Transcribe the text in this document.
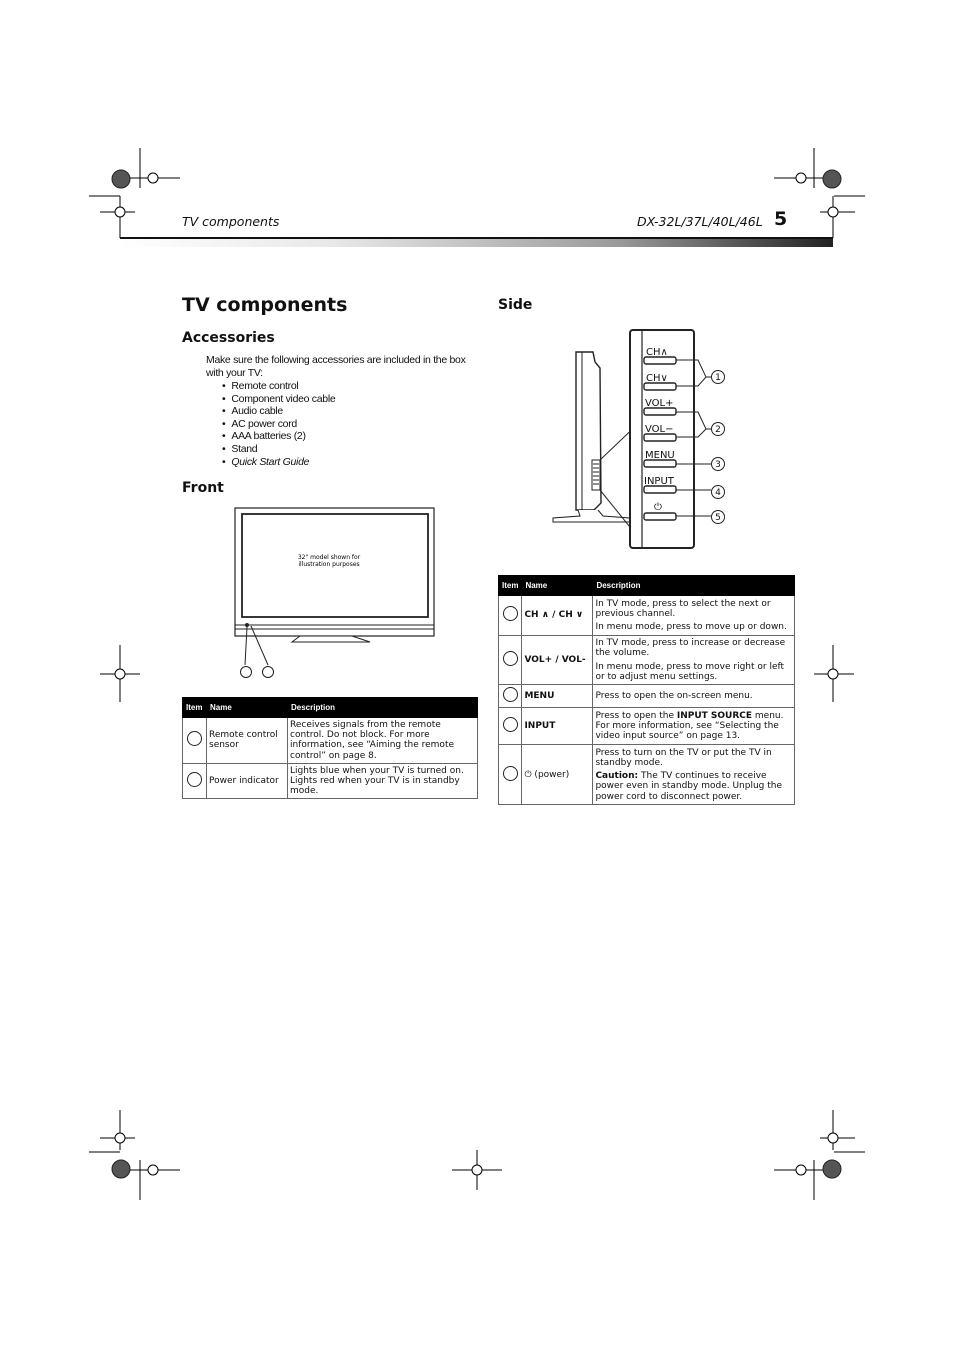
TV components	DX-32L/37L/40L/46L 5
TV components
Accessories
Make sure the following accessories are included in the box with your TV:
• Remote control
• Component video cable
• Audio cable
• AC power cord
• AAA batteries (2)
• Stand
• Quick Start Guide
Front
32" model shown for
illustration purposes
Item	Name	Description
	Remote control sensor	Receives signals from the remote control. Do not block. For more information, see “Aiming the remote control” on page 8.
	Power indicator	Lights blue when your TV is turned on. Lights red when your TV is in standby mode.
Side
CH∧
CH∨
VOL+
VOL−
MENU
INPUT
⏻
1
2
3
4
5
Item	Name	Description
	CH ∧ / CH ∨	In TV mode, press to select the next or previous channel.

In menu mode, press to move up or down.

	VOL+ / VOL-	In TV mode, press to increase or decrease the volume.

In menu mode, press to move right or left or to adjust menu settings.

	MENU	Press to open the on-screen menu.
	INPUT	Press to open the INPUT SOURCE menu. For more information, see “Selecting the video input source” on page 13.
	⏻ (power)	Press to turn on the TV or put the TV in standby mode.

Caution: The TV continues to receive power even in standby mode. Unplug the power cord to disconnect power.
